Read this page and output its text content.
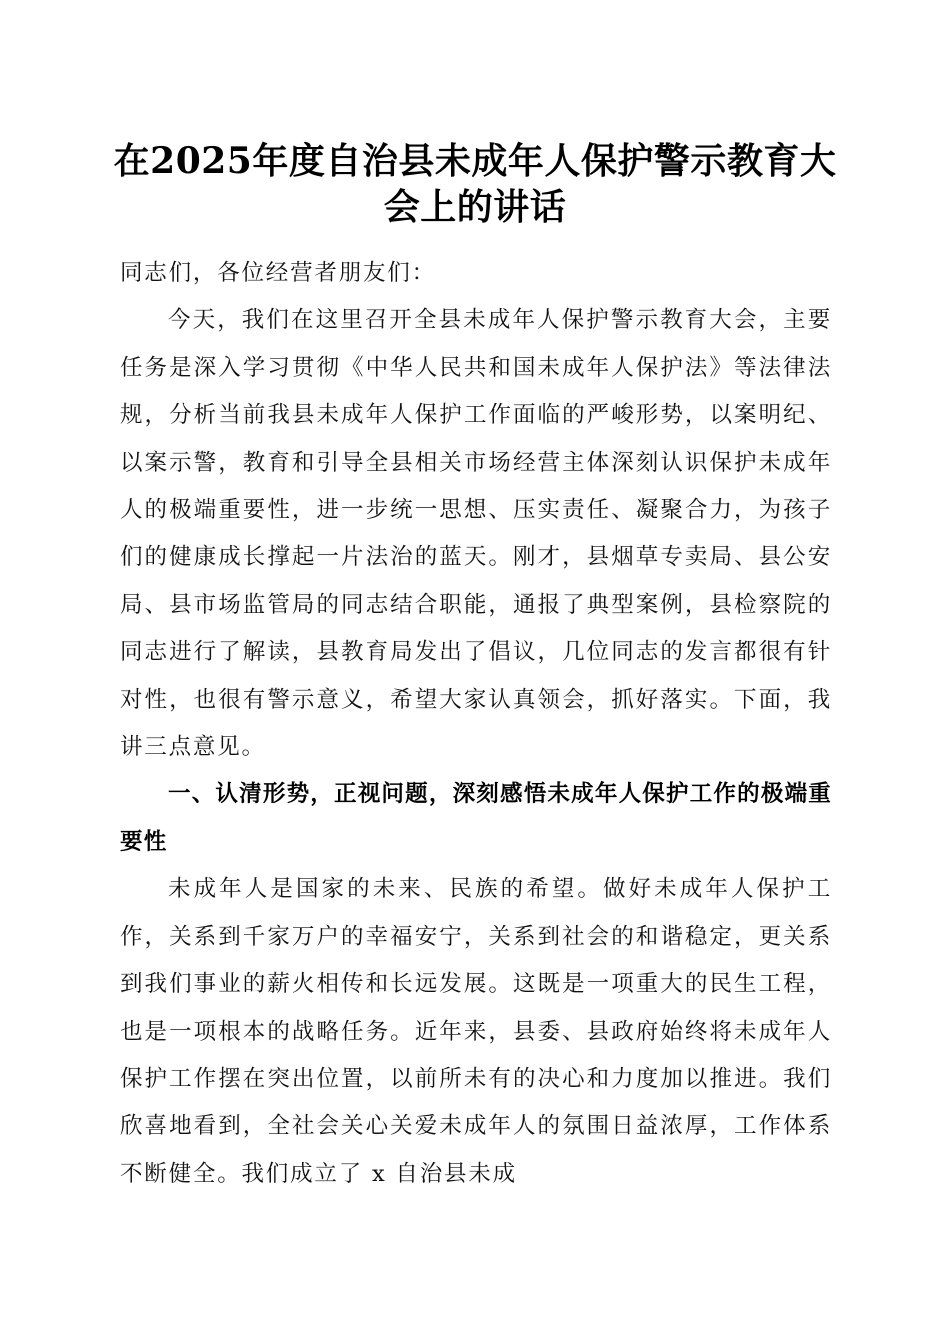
在2025年度自治县未成年人保护警示教育大
会上的讲话

同志们，各位经营者朋友们：

今天，我们在这里召开全县未成年人保护警示教育大会，主要任务是深入学习贯彻《中华人民共和国未成年人保护法》等法律法规，分析当前我县未成年人保护工作面临的严峻形势，以案明纪、以案示警，教育和引导全县相关市场经营主体深刻认识保护未成年人的极端重要性，进一步统一思想、压实责任、凝聚合力，为孩子们的健康成长撑起一片法治的蓝天。刚才，县烟草专卖局、县公安局、县市场监管局的同志结合职能，通报了典型案例，县检察院的同志进行了解读，县教育局发出了倡议，几位同志的发言都很有针对性，也很有警示意义，希望大家认真领会，抓好落实。下面，我讲三点意见。

一、认清形势，正视问题，深刻感悟未成年人保护工作的极端重要性

未成年人是国家的未来、民族的希望。做好未成年人保护工作，关系到千家万户的幸福安宁，关系到社会的和谐稳定，更关系到我们事业的薪火相传和长远发展。这既是一项重大的民生工程，也是一项根本的战略任务。近年来，县委、县政府始终将未成年人保护工作摆在突出位置，以前所未有的决心和力度加以推进。我们欣喜地看到，全社会关心关爱未成年人的氛围日益浓厚，工作体系不断健全。我们成立了 x 自治县未成
